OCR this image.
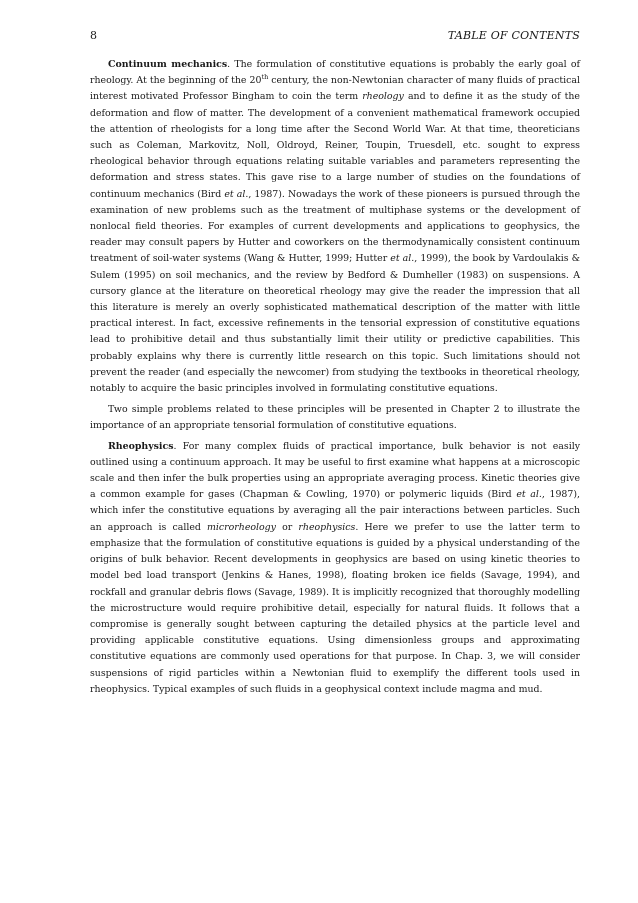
8	TABLE OF CONTENTS

Continuum mechanics. The formulation of constitutive equations is probably the early goal of rheology. At the beginning of the 20th century, the non-Newtonian character of many fluids of practical interest motivated Professor Bingham to coin the term rheology and to define it as the study of the deformation and flow of matter. The development of a convenient mathematical framework occupied the attention of rheologists for a long time after the Second World War. At that time, theoreticians such as Coleman, Markovitz, Noll, Oldroyd, Reiner, Toupin, Truesdell, etc. sought to express rheological behavior through equations relating suitable variables and parameters representing the deformation and stress states. This gave rise to a large number of studies on the foundations of continuum mechanics (Bird et al., 1987). Nowadays the work of these pioneers is pursued through the examination of new problems such as the treatment of multiphase systems or the development of nonlocal field theories. For examples of current developments and applications to geophysics, the reader may consult papers by Hutter and coworkers on the thermodynamically consistent continuum treatment of soil-water systems (Wang & Hutter, 1999; Hutter et al., 1999), the book by Vardoulakis & Sulem (1995) on soil mechanics, and the review by Bedford & Dumheller (1983) on suspensions. A cursory glance at the literature on theoretical rheology may give the reader the impression that all this literature is merely an overly sophisticated mathematical description of the matter with little practical interest. In fact, excessive refinements in the tensorial expression of constitutive equations lead to prohibitive detail and thus substantially limit their utility or predictive capabilities. This probably explains why there is currently little research on this topic. Such limitations should not prevent the reader (and especially the newcomer) from studying the textbooks in theoretical rheology, notably to acquire the basic principles involved in formulating constitutive equations.

Two simple problems related to these principles will be presented in Chapter 2 to illustrate the importance of an appropriate tensorial formulation of constitutive equations.

Rheophysics. For many complex fluids of practical importance, bulk behavior is not easily outlined using a continuum approach. It may be useful to first examine what happens at a microscopic scale and then infer the bulk properties using an appropriate averaging process. Kinetic theories give a common example for gases (Chapman & Cowling, 1970) or polymeric liquids (Bird et al., 1987), which infer the constitutive equations by averaging all the pair interactions between particles. Such an approach is called microrheology or rheophysics. Here we prefer to use the latter term to emphasize that the formulation of constitutive equations is guided by a physical understanding of the origins of bulk behavior. Recent developments in geophysics are based on using kinetic theories to model bed load transport (Jenkins & Hanes, 1998), floating broken ice fields (Savage, 1994), and rockfall and granular debris flows (Savage, 1989). It is implicitly recognized that thoroughly modelling the microstructure would require prohibitive detail, especially for natural fluids. It follows that a compromise is generally sought between capturing the detailed physics at the particle level and providing applicable constitutive equations. Using dimensionless groups and approximating constitutive equations are commonly used operations for that purpose. In Chap. 3, we will consider suspensions of rigid particles within a Newtonian fluid to exemplify the different tools used in rheophysics. Typical examples of such fluids in a geophysical context include magma and mud.
